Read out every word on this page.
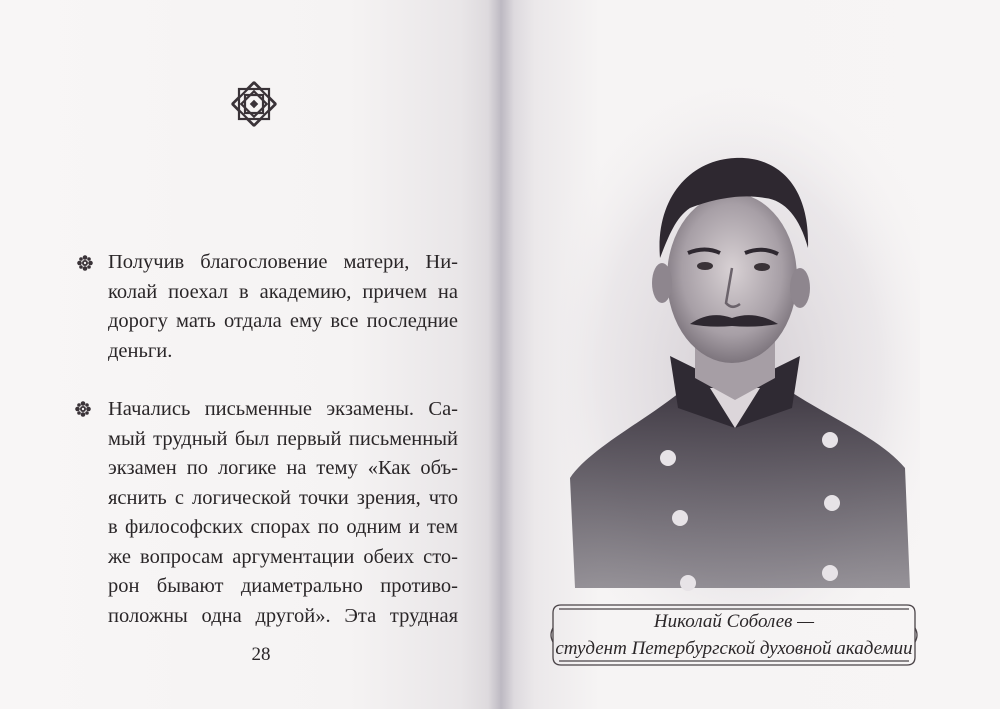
Получив благословение матери, Ни-
колай поехал в академию, причем на
дорогу мать отдала ему все последние
деньги.

Начались письменные экзамены. Са-
мый трудный был первый письменный
экзамен по логике на тему «Как объ-
яснить с логической точки зрения, что
в философских спорах по одним и тем
же вопросам аргументации обеих сто-
рон бывают диаметрально противо-
положны одна другой». Эта трудная

28
Николай Соболев —
студент Петербургской духовной академии
